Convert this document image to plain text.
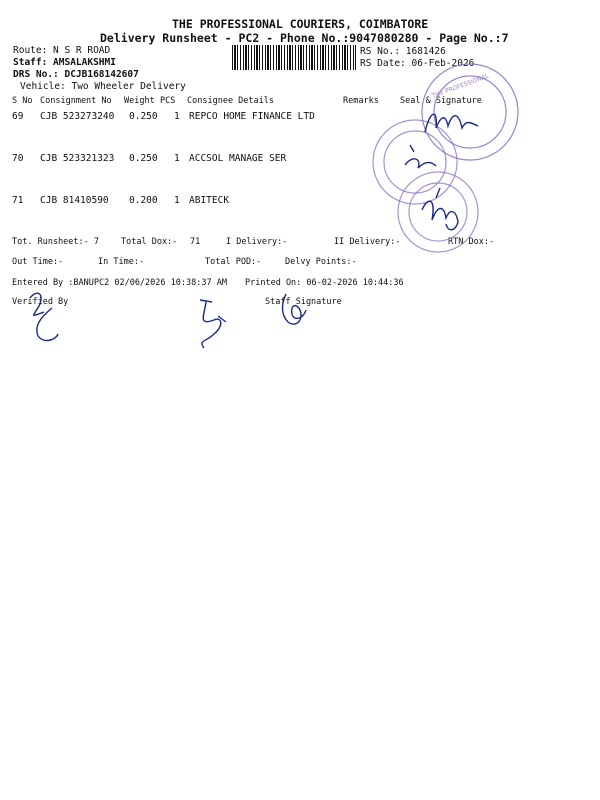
THE PROFESSIONAL COURIERS, COIMBATORE
Delivery Runsheet - PC2 - Phone No.:9047080280 - Page No.:7
Route: N S R ROAD
Staff: AMSALAKSHMI
DRS No.: DCJB168142607
Vehicle: Two Wheeler Delivery
RS No.: 1681426
RS Date: 06-Feb-2026
S No Consignment No Weight PCS Consignee Details	Remarks Seal & Signature
69 CJB 523273240 0.250 1 REPCO HOME FINANCE LTD
70 CJB 523321323 0.250 1 ACCSOL MANAGE SER
71 CJB 81410590 0.200 1 ABITECK
Tot. Runsheet:- 7	Total Dox:- 71	I Delivery:-	II Delivery:-	RTN Dox:-
Out Time:-	In Time:-	Total POD:-	Delvy Points:-
Entered By :BANUPC2 02/06/2026 10:38:37 AM Printed On: 06-02-2026 10:44:36
Verified By	Staff Signature
THE PROFESSIONAL
